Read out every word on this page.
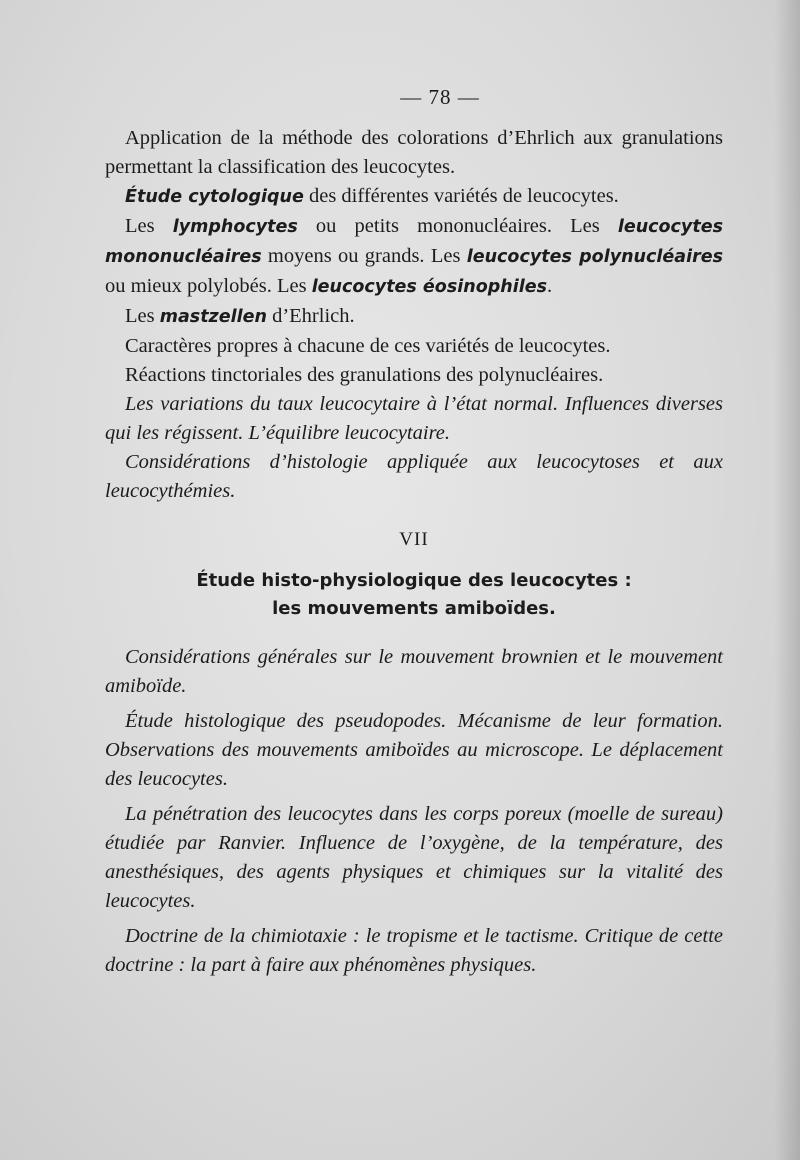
— 78 —

Application de la méthode des colorations d’Ehrlich aux granulations permettant la classification des leucocytes.

Étude cytologique des différentes variétés de leucocytes.

Les lymphocytes ou petits mononucléaires. Les leucocytes mononucléaires moyens ou grands. Les leucocytes polynucléaires ou mieux polylobés. Les leucocytes éosinophiles.

Les mastzellen d’Ehrlich.

Caractères propres à chacune de ces variétés de leucocytes.

Réactions tinctoriales des granulations des polynucléaires.

Les variations du taux leucocytaire à l’état normal. Influences diverses qui les régissent. L’équilibre leucocytaire.

Considérations d’histologie appliquée aux leucocytoses et aux leucocythémies.

VII
Étude histo-physiologique des leucocytes :
les mouvements amiboïdes.

Considérations générales sur le mouvement brownien et le mouvement amiboïde.

Étude histologique des pseudopodes. Mécanisme de leur formation. Observations des mouvements amiboïdes au microscope. Le déplacement des leucocytes.

La pénétration des leucocytes dans les corps poreux (moelle de sureau) étudiée par Ranvier. Influence de l’oxygène, de la température, des anesthésiques, des agents physiques et chimiques sur la vitalité des leucocytes.

Doctrine de la chimiotaxie : le tropisme et le tactisme. Critique de cette doctrine : la part à faire aux phénomènes physiques.
